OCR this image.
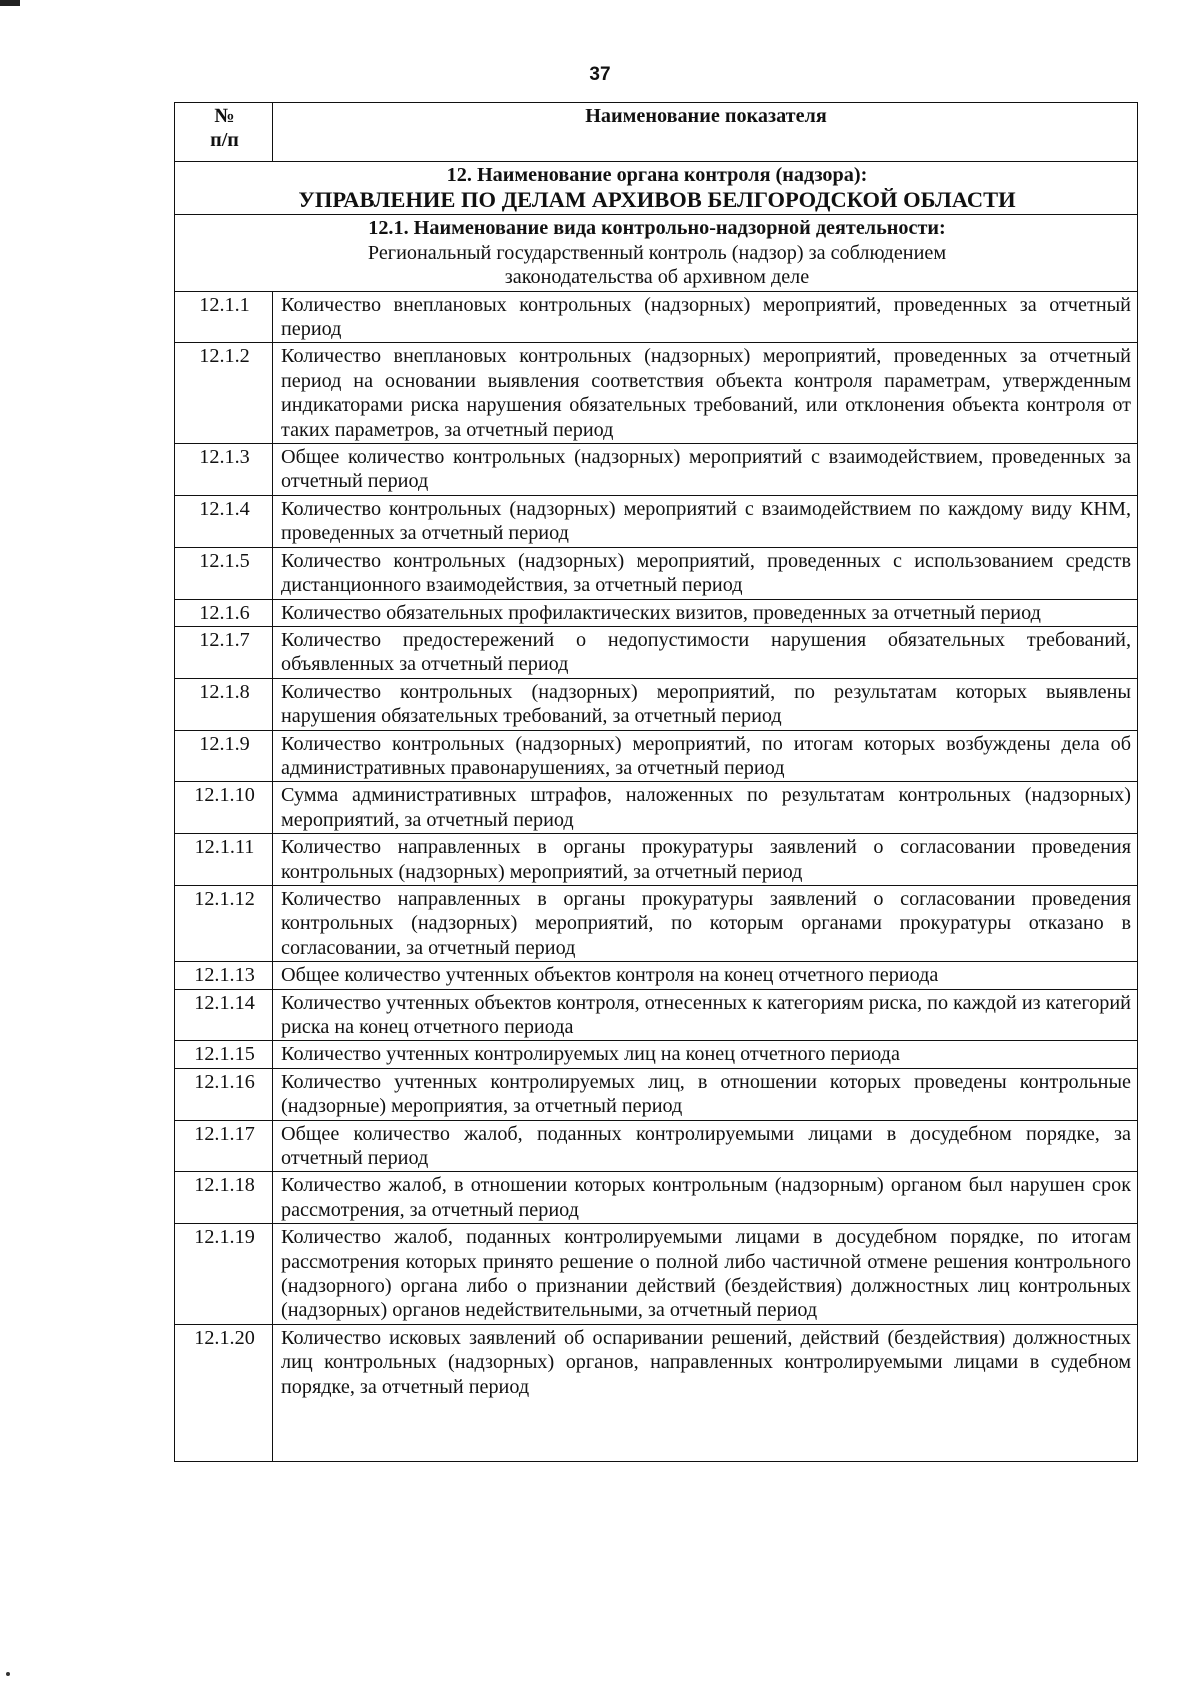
37
№
п/п	Наименование показателя

12. Наименование органа контроля (надзора):
УПРАВЛЕНИЕ ПО ДЕЛАМ АРХИВОВ БЕЛГОРОДСКОЙ ОБЛАСТИ	

12.1. Наименование вида контрольно-надзорной деятельности:
Региональный государственный контроль (надзор) за соблюдением
законодательства об архивном деле	

12.1.1	Количество внеплановых контрольных (надзорных) мероприятий, проведенных за отчетный период
12.1.2	Количество внеплановых контрольных (надзорных) мероприятий, проведенных за отчетный период на основании выявления соответствия объекта контроля параметрам, утвержденным индикаторами риска нарушения обязательных требований, или отклонения объекта контроля от таких параметров, за отчетный период
12.1.3	Общее количество контрольных (надзорных) мероприятий с взаимодействием, проведенных за отчетный период
12.1.4	Количество контрольных (надзорных) мероприятий с взаимодействием по каждому виду КНМ, проведенных за отчетный период
12.1.5	Количество контрольных (надзорных) мероприятий, проведенных с использованием средств дистанционного взаимодействия, за отчетный период
12.1.6	Количество обязательных профилактических визитов, проведенных за отчетный период
12.1.7	Количество предостережений о недопустимости нарушения обязательных требований, объявленных за отчетный период
12.1.8	Количество контрольных (надзорных) мероприятий, по результатам которых выявлены нарушения обязательных требований, за отчетный период
12.1.9	Количество контрольных (надзорных) мероприятий, по итогам которых возбуждены дела об административных правонарушениях, за отчетный период
12.1.10	Сумма административных штрафов, наложенных по результатам контрольных (надзорных) мероприятий, за отчетный период
12.1.11	Количество направленных в органы прокуратуры заявлений о согласовании проведения контрольных (надзорных) мероприятий, за отчетный период
12.1.12	Количество направленных в органы прокуратуры заявлений о согласовании проведения контрольных (надзорных) мероприятий, по которым органами прокуратуры отказано в согласовании, за отчетный период
12.1.13	Общее количество учтенных объектов контроля на конец отчетного периода
12.1.14	Количество учтенных объектов контроля, отнесенных к категориям риска, по каждой из категорий риска на конец отчетного периода
12.1.15	Количество учтенных контролируемых лиц на конец отчетного периода
12.1.16	Количество учтенных контролируемых лиц, в отношении которых проведены контрольные (надзорные) мероприятия, за отчетный период
12.1.17	Общее количество жалоб, поданных контролируемыми лицами в досудебном порядке, за отчетный период
12.1.18	Количество жалоб, в отношении которых контрольным (надзорным) органом был нарушен срок рассмотрения, за отчетный период
12.1.19	Количество жалоб, поданных контролируемыми лицами в досудебном порядке, по итогам рассмотрения которых принято решение о полной либо частичной отмене решения контрольного (надзорного) органа либо о признании действий (бездействия) должностных лиц контрольных (надзорных) органов недействительными, за отчетный период
12.1.20	Количество исковых заявлений об оспаривании решений, действий (бездействия) должностных лиц контрольных (надзорных) органов, направленных контролируемыми лицами в судебном порядке, за отчетный период
